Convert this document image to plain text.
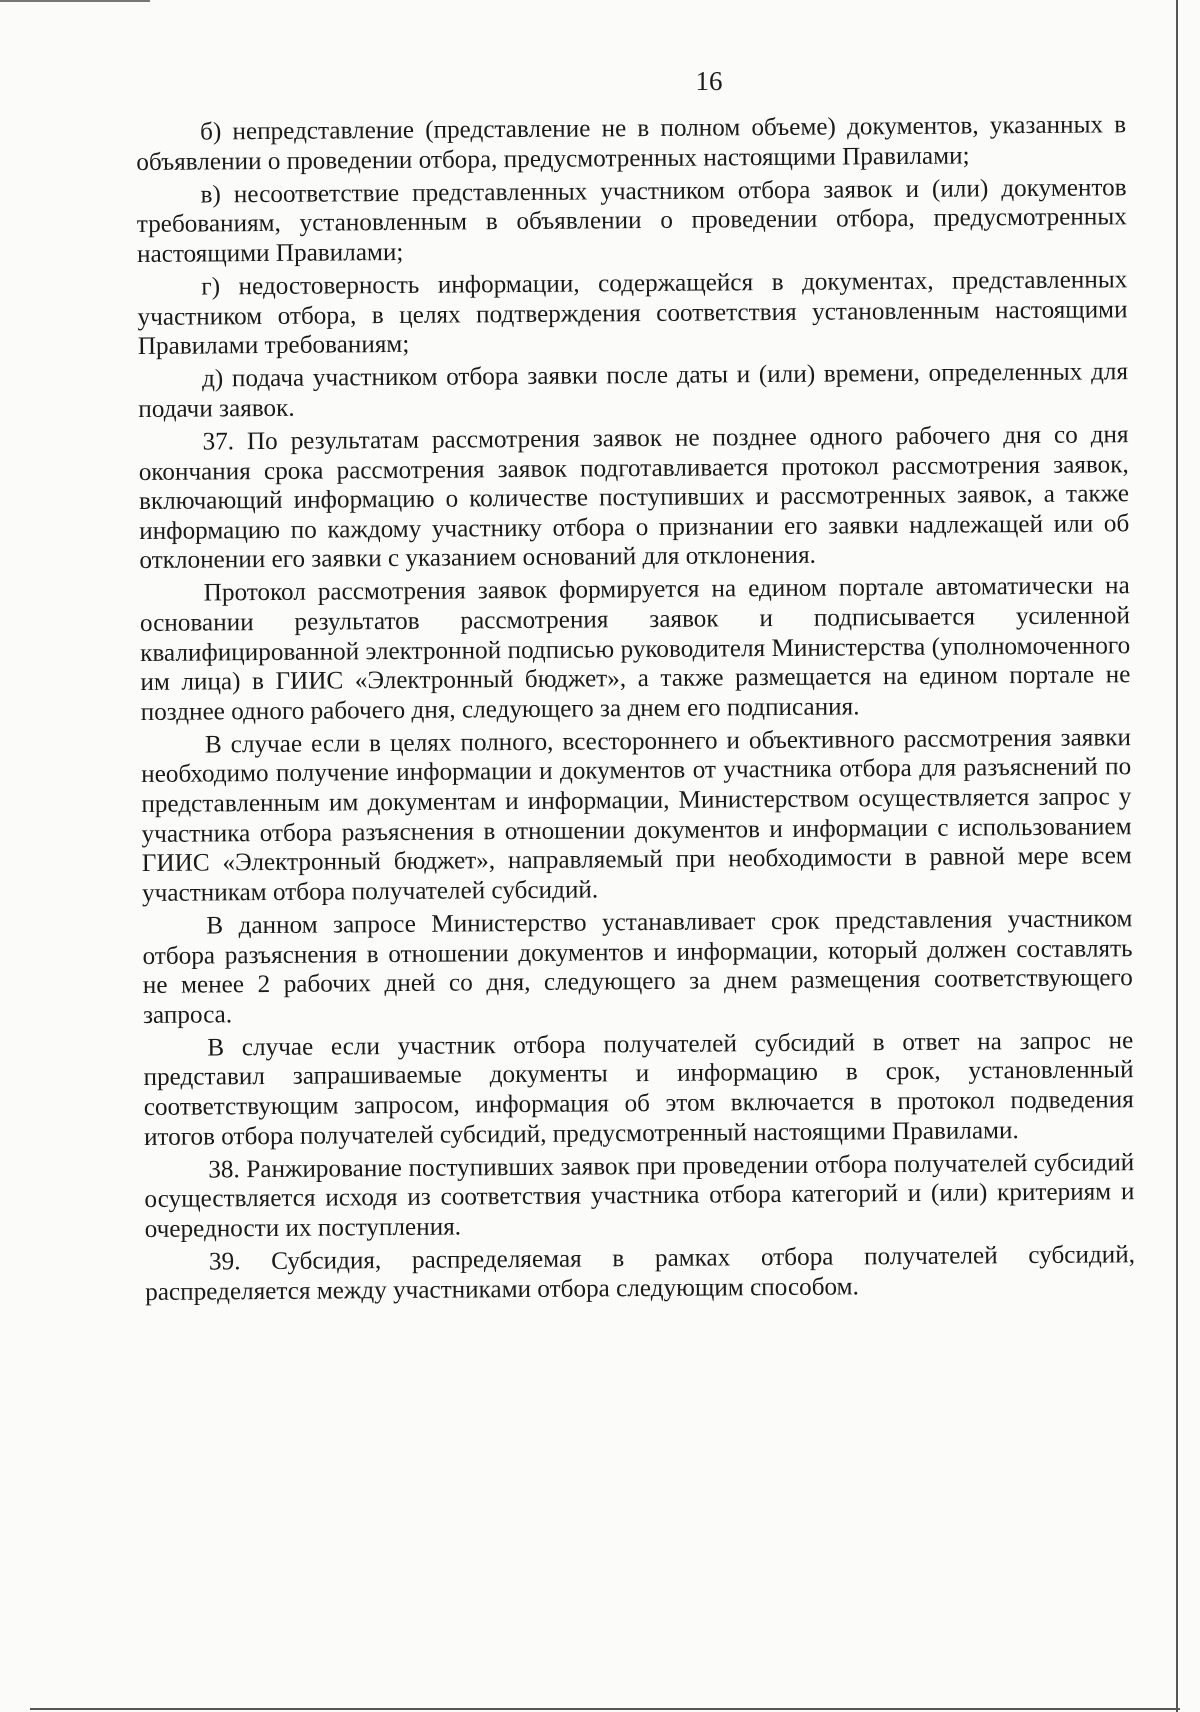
16

б) непредставление (представление не в полном объеме) документов, указанных в объявлении о проведении отбора, предусмотренных настоящими Правилами;

в) несоответствие представленных участником отбора заявок и (или) документов требованиям, установленным в объявлении о проведении отбора, предусмотренных настоящими Правилами;

г) недостоверность информации, содержащейся в документах, представленных участником отбора, в целях подтверждения соответствия установленным настоящими Правилами требованиям;

д) подача участником отбора заявки после даты и (или) времени, определенных для подачи заявок.

37. По результатам рассмотрения заявок не позднее одного рабочего дня со дня окончания срока рассмотрения заявок подготавливается протокол рассмотрения заявок, включающий информацию о количестве поступивших и рассмотренных заявок, а также информацию по каждому участнику отбора о признании его заявки надлежащей или об отклонении его заявки с указанием оснований для отклонения.

Протокол рассмотрения заявок формируется на едином портале автоматически на основании результатов рассмотрения заявок и подписывается усиленной квалифицированной электронной подписью руководителя Министерства (уполномоченного им лица) в ГИИС «Электронный бюджет», а также размещается на едином портале не позднее одного рабочего дня, следующего за днем его подписания.

В случае если в целях полного, всестороннего и объективного рассмотрения заявки необходимо получение информации и документов от участника отбора для разъяснений по представленным им документам и информации, Министерством осуществляется запрос у участника отбора разъяснения в отношении документов и информации с использованием ГИИС «Электронный бюджет», направляемый при необходимости в равной мере всем участникам отбора получателей субсидий.

В данном запросе Министерство устанавливает срок представления участником отбора разъяснения в отношении документов и информации, который должен составлять не менее 2 рабочих дней со дня, следующего за днем размещения соответствующего запроса.

В случае если участник отбора получателей субсидий в ответ на запрос не представил запрашиваемые документы и информацию в срок, установленный соответствующим запросом, информация об этом включается в протокол подведения итогов отбора получателей субсидий, предусмотренный настоящими Правилами.

38. Ранжирование поступивших заявок при проведении отбора получателей субсидий осуществляется исходя из соответствия участника отбора категорий и (или) критериям и очередности их поступления.

39. Субсидия, распределяемая в рамках отбора получателей субсидий, распределяется между участниками отбора следующим способом.
